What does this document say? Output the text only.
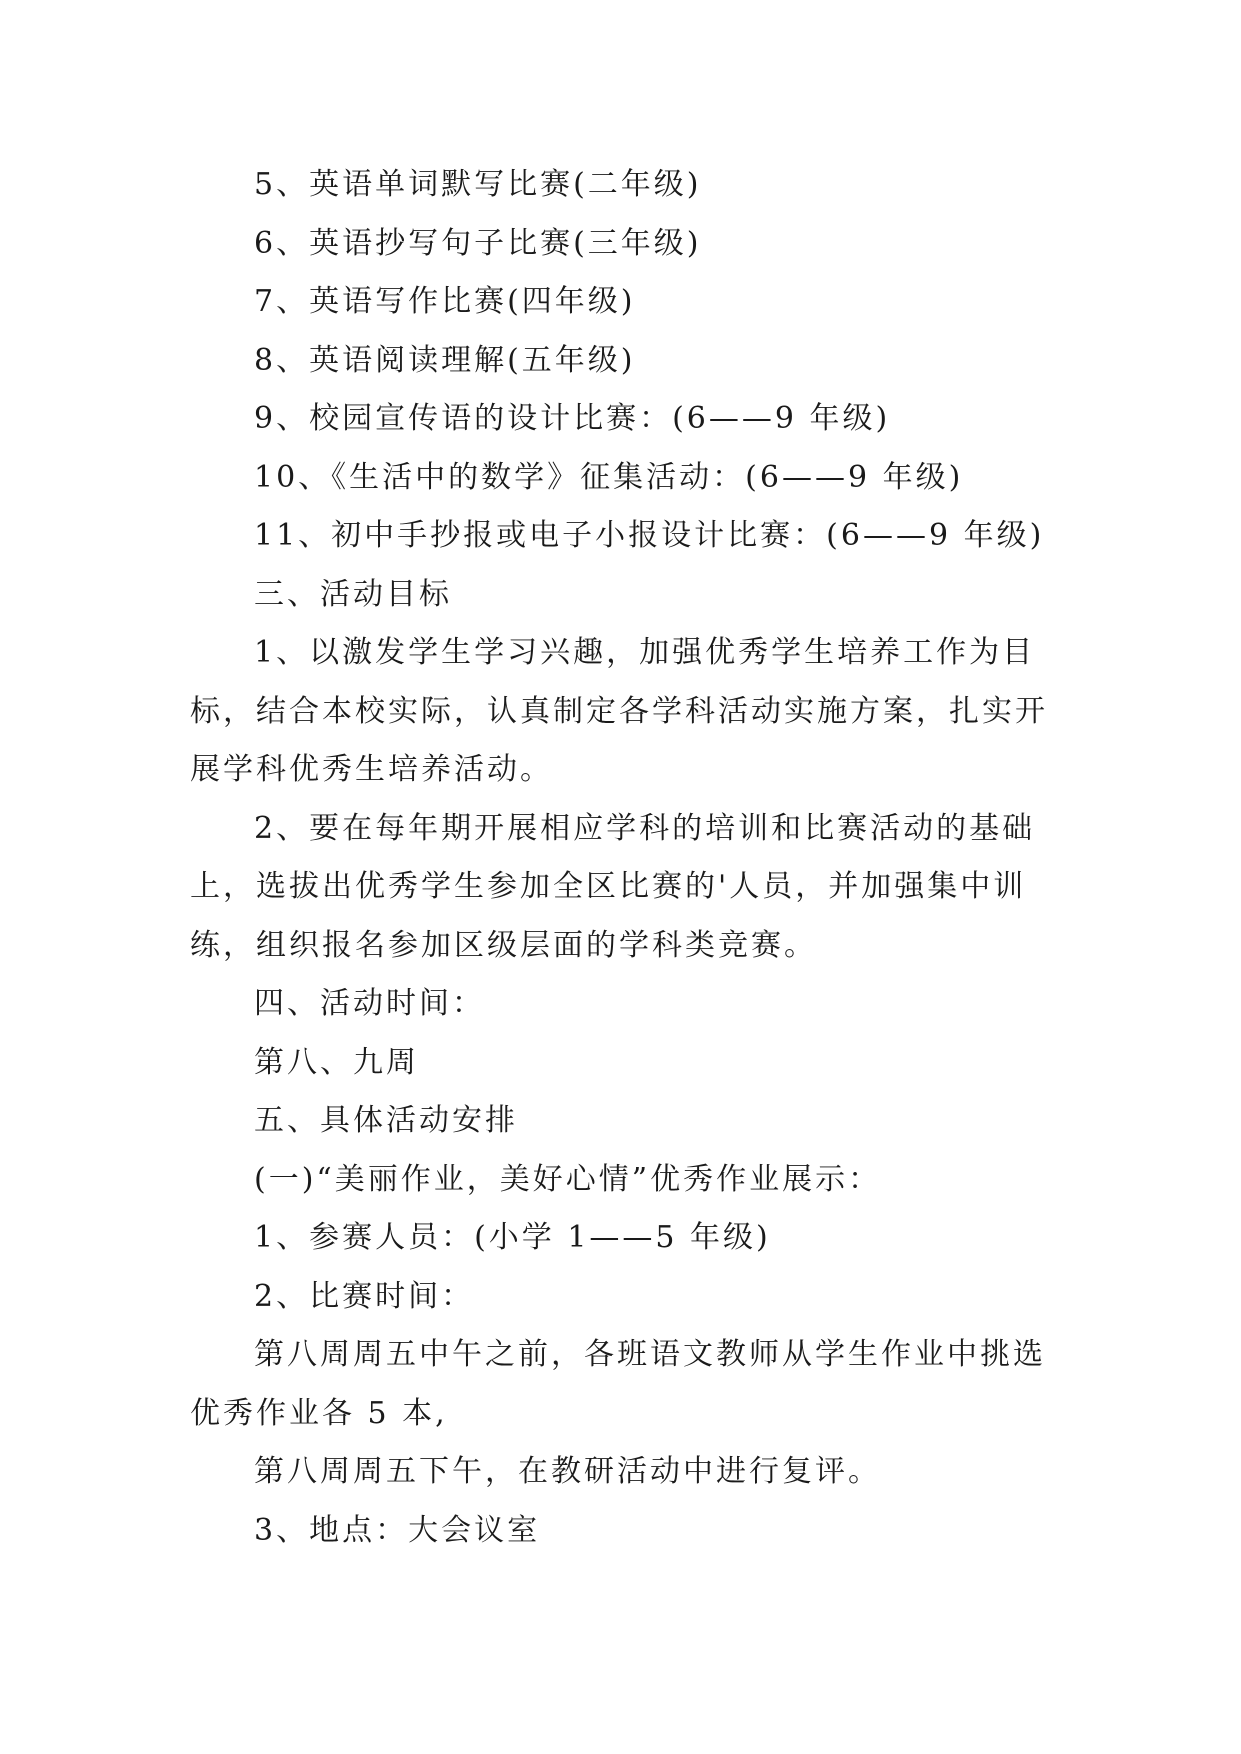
5、英语单词默写比赛(二年级)
6、英语抄写句子比赛(三年级)
7、英语写作比赛(四年级)
8、英语阅读理解(五年级)
9、校园宣传语的设计比赛：(6——9 年级)
10、《生活中的数学》征集活动：(6——9 年级)
11、初中手抄报或电子小报设计比赛：(6——9 年级)
三、活动目标
1、以激发学生学习兴趣，加强优秀学生培养工作为目
标，结合本校实际，认真制定各学科活动实施方案，扎实开
展学科优秀生培养活动。
2、要在每年期开展相应学科的培训和比赛活动的基础
上，选拔出优秀学生参加全区比赛的'人员，并加强集中训
练，组织报名参加区级层面的学科类竞赛。
四、活动时间：
第八、九周
五、具体活动安排
(一)“美丽作业，美好心情”优秀作业展示：
1、参赛人员：(小学 1——5 年级)
2、比赛时间：
第八周周五中午之前，各班语文教师从学生作业中挑选
优秀作业各 5 本,
第八周周五下午，在教研活动中进行复评。
3、地点：大会议室
